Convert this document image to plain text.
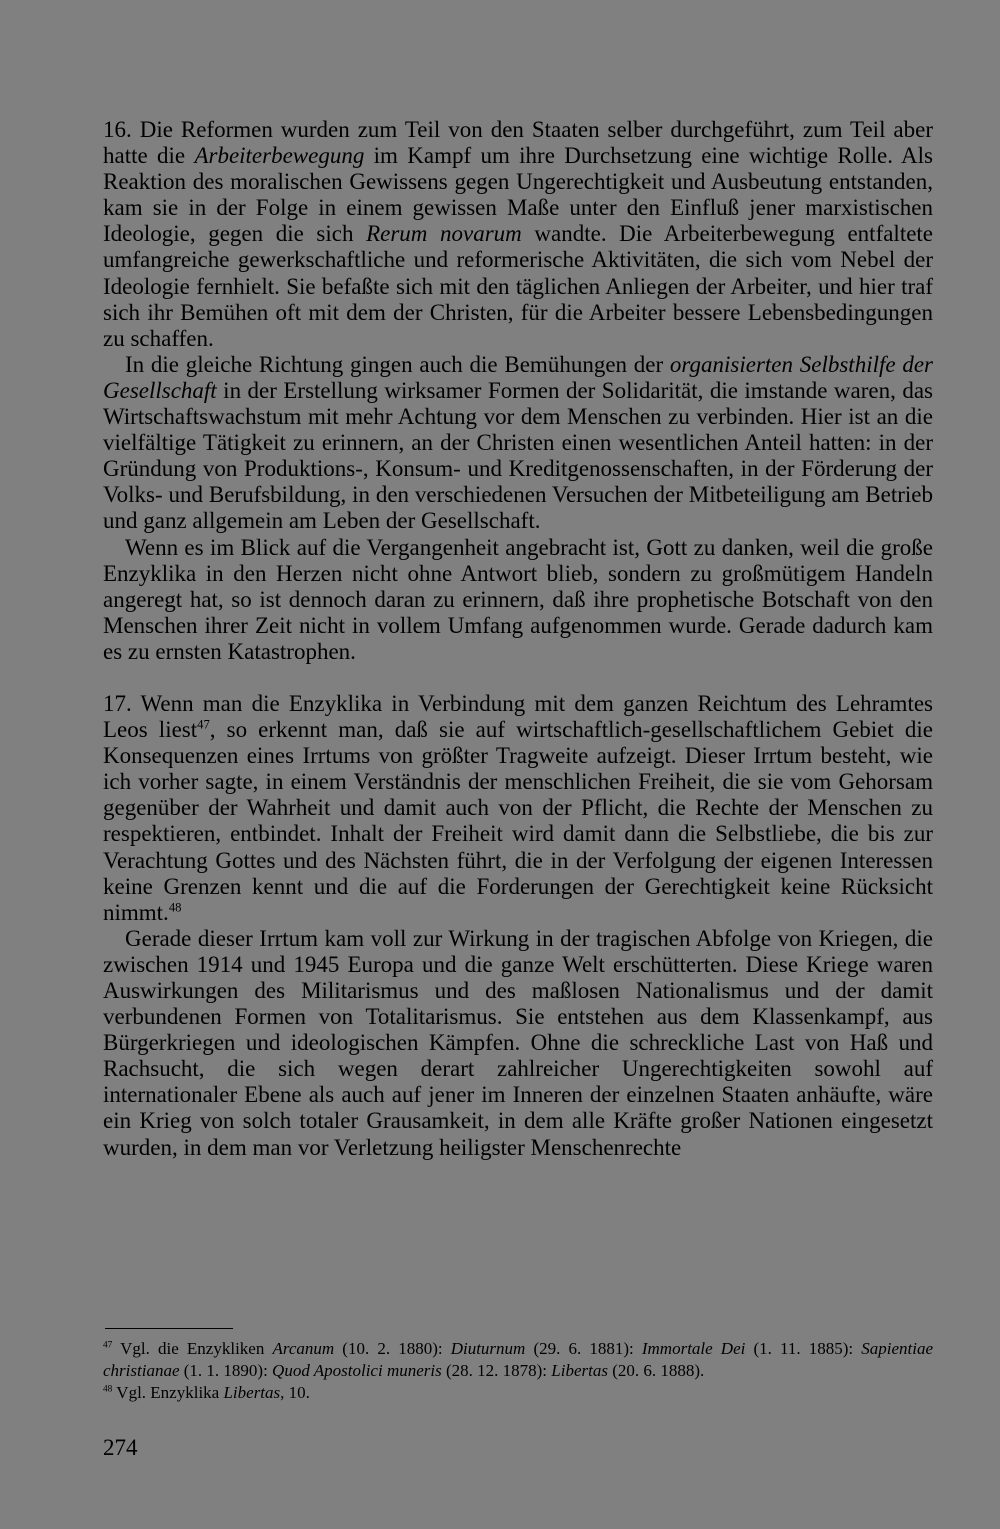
16. Die Reformen wurden zum Teil von den Staaten selber durchgeführt, zum Teil aber hatte die Arbeiterbewegung im Kampf um ihre Durchsetzung eine wichtige Rolle. Als Reaktion des moralischen Gewissens gegen Ungerechtigkeit und Ausbeutung entstanden, kam sie in der Folge in einem gewissen Maße unter den Einfluß jener marxistischen Ideologie, gegen die sich Rerum novarum wandte. Die Arbeiterbewegung entfaltete umfangreiche gewerkschaftliche und reformerische Aktivitäten, die sich vom Nebel der Ideologie fernhielt. Sie befaßte sich mit den täglichen Anliegen der Arbeiter, und hier traf sich ihr Bemühen oft mit dem der Christen, für die Arbeiter bessere Lebensbedingungen zu schaffen.

In die gleiche Richtung gingen auch die Bemühungen der organisierten Selbsthilfe der Gesellschaft in der Erstellung wirksamer Formen der Solidarität, die imstande waren, das Wirtschaftswachstum mit mehr Achtung vor dem Menschen zu verbinden. Hier ist an die vielfältige Tätigkeit zu erinnern, an der Christen einen wesentlichen Anteil hatten: in der Gründung von Produktions-, Konsum- und Kreditgenossenschaften, in der Förderung der Volks- und Berufsbildung, in den verschiedenen Versuchen der Mitbeteiligung am Betrieb und ganz allgemein am Leben der Gesellschaft.

Wenn es im Blick auf die Vergangenheit angebracht ist, Gott zu danken, weil die große Enzyklika in den Herzen nicht ohne Antwort blieb, sondern zu großmütigem Handeln angeregt hat, so ist dennoch daran zu erinnern, daß ihre prophetische Botschaft von den Menschen ihrer Zeit nicht in vollem Umfang aufgenommen wurde. Gerade dadurch kam es zu ernsten Katastrophen.

17. Wenn man die Enzyklika in Verbindung mit dem ganzen Reichtum des Lehramtes Leos liest$^{47}$, so erkennt man, daß sie auf wirtschaftlich-gesellschaftlichem Gebiet die Konsequenzen eines Irrtums von größter Tragweite aufzeigt. Dieser Irrtum besteht, wie ich vorher sagte, in einem Verständnis der menschlichen Freiheit, die sie vom Gehorsam gegenüber der Wahrheit und damit auch von der Pflicht, die Rechte der Menschen zu respektieren, entbindet. Inhalt der Freiheit wird damit dann die Selbstliebe, die bis zur Verachtung Gottes und des Nächsten führt, die in der Verfolgung der eigenen Interessen keine Grenzen kennt und die auf die Forderungen der Gerechtigkeit keine Rücksicht nimmt.$^{48}$

Gerade dieser Irrtum kam voll zur Wirkung in der tragischen Abfolge von Kriegen, die zwischen 1914 und 1945 Europa und die ganze Welt erschütterten. Diese Kriege waren Auswirkungen des Militarismus und des maßlosen Nationalismus und der damit verbundenen Formen von Totalitarismus. Sie entstehen aus dem Klassenkampf, aus Bürgerkriegen und ideologischen Kämpfen. Ohne die schreckliche Last von Haß und Rachsucht, die sich wegen derart zahlreicher Ungerechtigkeiten sowohl auf internationaler Ebene als auch auf jener im Inneren der einzelnen Staaten anhäufte, wäre ein Krieg von solch totaler Grausamkeit, in dem alle Kräfte großer Nationen eingesetzt wurden, in dem man vor Verletzung heiligster Menschenrechte

$^{47}$ Vgl. die Enzykliken Arcanum (10. 2. 1880): Diuturnum (29. 6. 1881): Immortale Dei (1. 11. 1885): Sapientiae christianae (1. 1. 1890): Quod Apostolici muneris (28. 12. 1878): Libertas (20. 6. 1888).

$^{48}$ Vgl. Enzyklika Libertas, 10.

274
